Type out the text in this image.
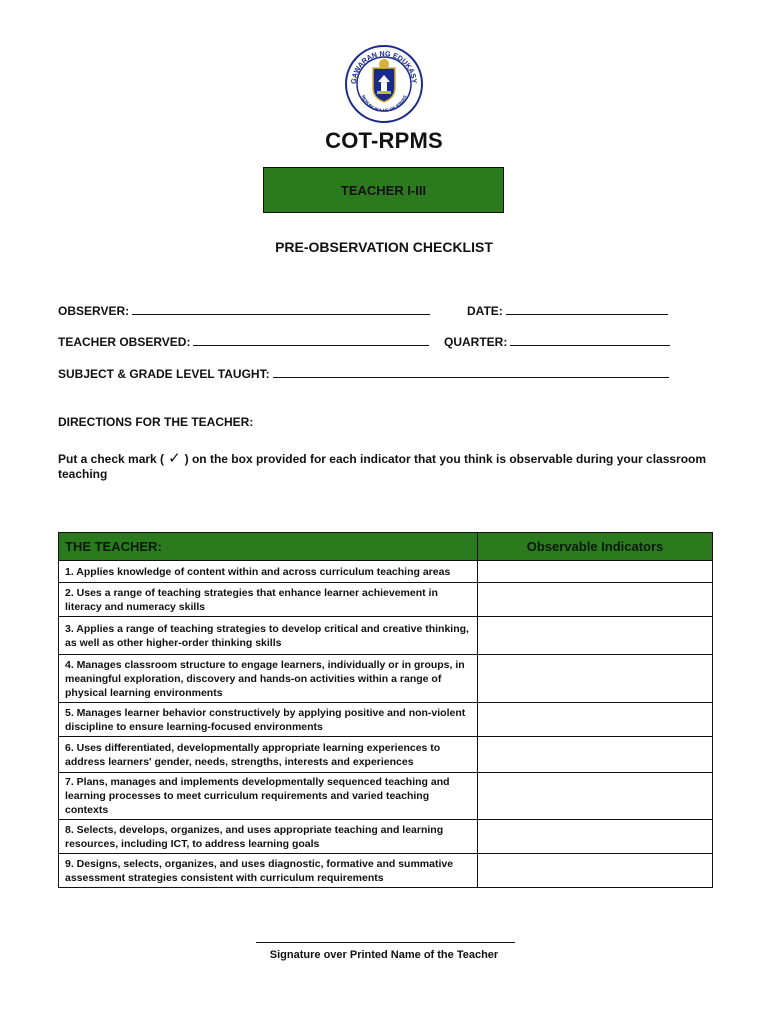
GAWARAN NG EDUKASY
REPUBLIKA NG PILIPINAS
COT-RPMS
TEACHER I-III
PRE-OBSERVATION CHECKLIST
OBSERVER:	DATE:
TEACHER OBSERVED:	QUARTER:
SUBJECT & GRADE LEVEL TAUGHT:
DIRECTIONS FOR THE TEACHER:
Put a check mark ( ✓ ) on the box provided for each indicator that you think is observable during your classroom teaching
THE TEACHER:	Observable Indicators
1. Applies knowledge of content within and across curriculum teaching areas	
2. Uses a range of teaching strategies that enhance learner achievement in literacy and numeracy skills	
3. Applies a range of teaching strategies to develop critical and creative thinking, as well as other higher-order thinking skills	
4. Manages classroom structure to engage learners, individually or in groups, in meaningful exploration, discovery and hands-on activities within a range of physical learning environments	
5. Manages learner behavior constructively by applying positive and non-violent discipline to ensure learning-focused environments	
6. Uses differentiated, developmentally appropriate learning experiences to address learners' gender, needs, strengths, interests and experiences	
7. Plans, manages and implements developmentally sequenced teaching and learning processes to meet curriculum requirements and varied teaching contexts	
8. Selects, develops, organizes, and uses appropriate teaching and learning resources, including ICT, to address learning goals	
9. Designs, selects, organizes, and uses diagnostic, formative and summative assessment strategies consistent with curriculum requirements	
Signature over Printed Name of the Teacher
